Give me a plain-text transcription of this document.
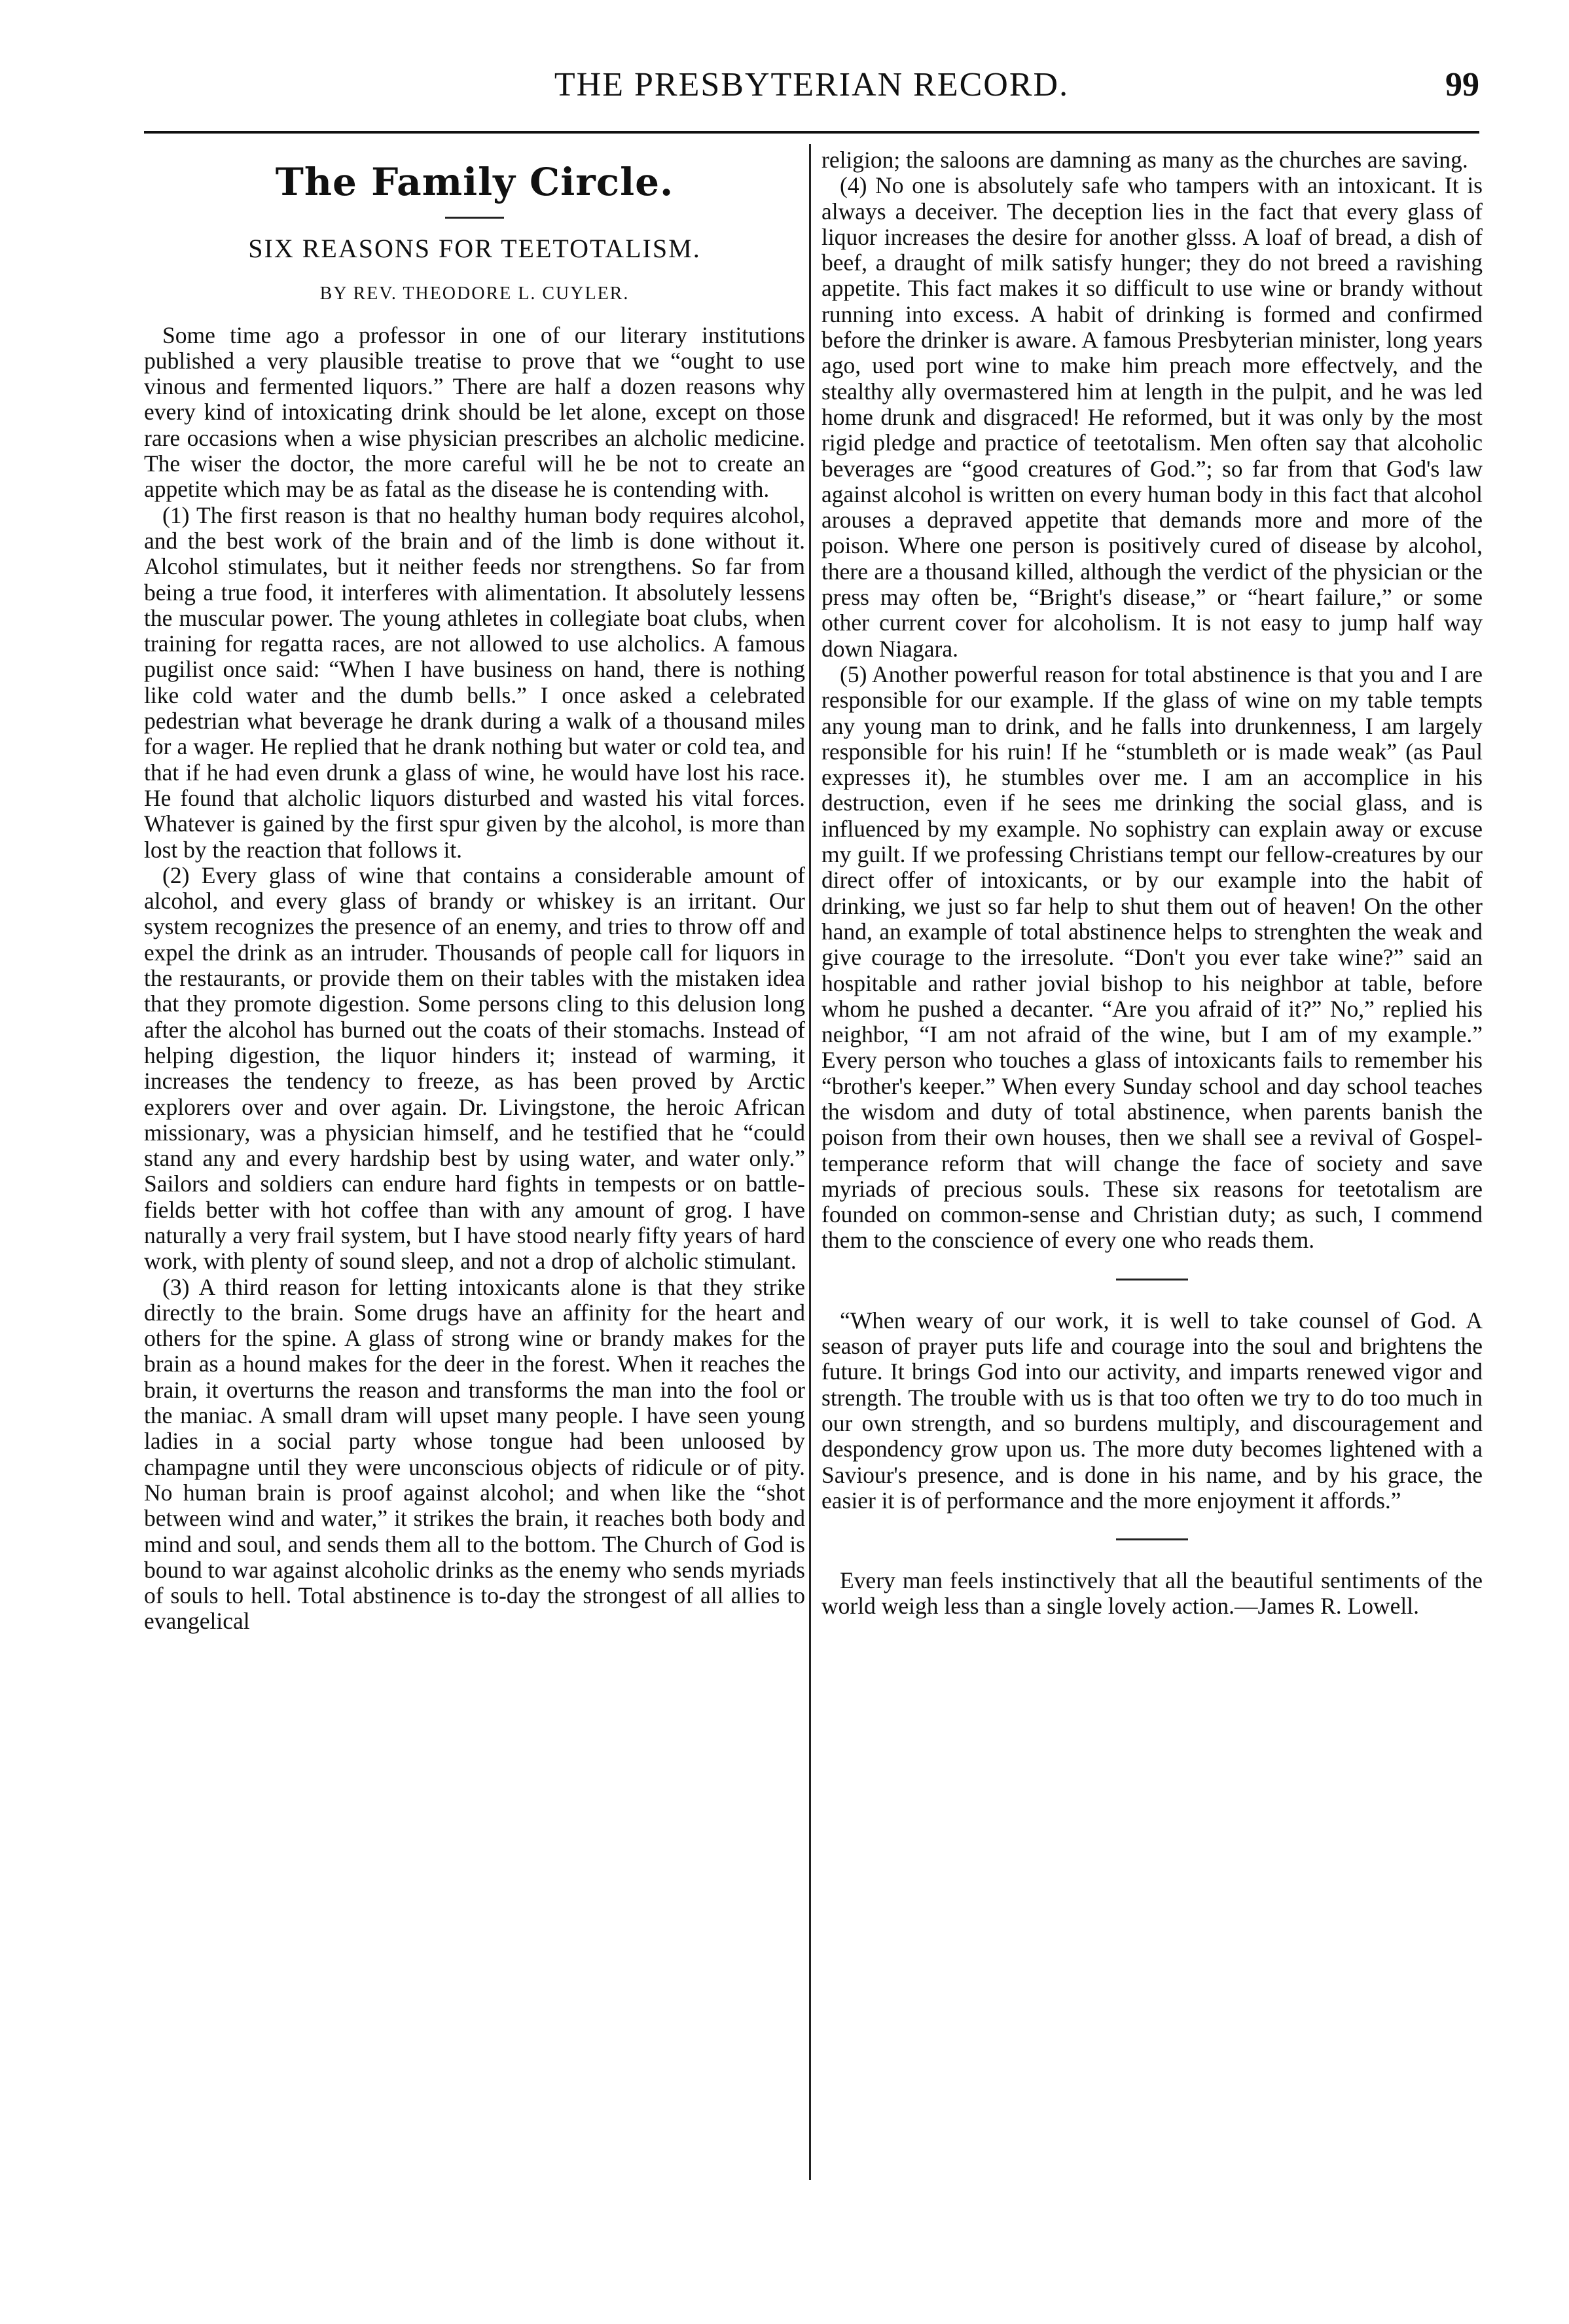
THE PRESBYTERIAN RECORD.	99
The Family Circle.
SIX REASONS FOR TEETOTALISM.
BY REV. THEODORE L. CUYLER.

Some time ago a professor in one of our literary institutions published a very plausible treatise to prove that we “ought to use vinous and fermented liquors.” There are half a dozen reasons why every kind of intoxicating drink should be let alone, except on those rare occasions when a wise physician prescribes an alcholic medicine. The wiser the doctor, the more careful will he be not to create an appetite which may be as fatal as the disease he is contending with.

(1) The first reason is that no healthy human body requires alcohol, and the best work of the brain and of the limb is done without it. Alcohol stimulates, but it neither feeds nor strengthens. So far from being a true food, it interferes with alimentation. It absolutely lessens the muscular power. The young athletes in collegiate boat clubs, when training for regatta races, are not allowed to use alcholics. A famous pugilist once said: “When I have business on hand, there is nothing like cold water and the dumb bells.” I once asked a celebrated pedestrian what beverage he drank during a walk of a thousand miles for a wager. He replied that he drank nothing but water or cold tea, and that if he had even drunk a glass of wine, he would have lost his race. He found that alcholic liquors disturbed and wasted his vital forces. Whatever is gained by the first spur given by the alcohol, is more than lost by the reaction that follows it.

(2) Every glass of wine that contains a considerable amount of alcohol, and every glass of brandy or whiskey is an irritant. Our system recognizes the presence of an enemy, and tries to throw off and expel the drink as an intruder. Thousands of people call for liquors in the restaurants, or provide them on their tables with the mistaken idea that they promote digestion. Some persons cling to this delusion long after the alcohol has burned out the coats of their stomachs. Instead of helping digestion, the liquor hinders it; instead of warming, it increases the tendency to freeze, as has been proved by Arctic explorers over and over again. Dr. Livingstone, the heroic African missionary, was a physician himself, and he testified that he “could stand any and every hardship best by using water, and water only.” Sailors and soldiers can endure hard fights in tempests or on battle-fields better with hot coffee than with any amount of grog. I have naturally a very frail system, but I have stood nearly fifty years of hard work, with plenty of sound sleep, and not a drop of alcholic stimulant.

(3) A third reason for letting intoxicants alone is that they strike directly to the brain. Some drugs have an affinity for the heart and others for the spine. A glass of strong wine or brandy makes for the brain as a hound makes for the deer in the forest. When it reaches the brain, it overturns the reason and transforms the man into the fool or the maniac. A small dram will upset many people. I have seen young ladies in a social party whose tongue had been unloosed by champagne until they were unconscious objects of ridicule or of pity. No human brain is proof against alcohol; and when like the “shot between wind and water,” it strikes the brain, it reaches both body and mind and soul, and sends them all to the bottom. The Church of God is bound to war against alcoholic drinks as the enemy who sends myriads of souls to hell. Total abstinence is to-day the strongest of all allies to evangelical

religion; the saloons are damning as many as the churches are saving.

(4) No one is absolutely safe who tampers with an intoxicant. It is always a deceiver. The deception lies in the fact that every glass of liquor increases the desire for another glsss. A loaf of bread, a dish of beef, a draught of milk satisfy hunger; they do not breed a ravishing appetite. This fact makes it so difficult to use wine or brandy without running into excess. A habit of drinking is formed and confirmed before the drinker is aware. A famous Presbyterian minister, long years ago, used port wine to make him preach more effectvely, and the stealthy ally overmastered him at length in the pulpit, and he was led home drunk and disgraced! He reformed, but it was only by the most rigid pledge and practice of teetotalism. Men often say that alcoholic beverages are “good creatures of God.”; so far from that God's law against alcohol is written on every human body in this fact that alcohol arouses a depraved appetite that demands more and more of the poison. Where one person is positively cured of disease by alcohol, there are a thousand killed, although the verdict of the physician or the press may often be, “Bright's disease,” or “heart failure,” or some other current cover for alcoholism. It is not easy to jump half way down Niagara.

(5) Another powerful reason for total abstinence is that you and I are responsible for our example. If the glass of wine on my table tempts any young man to drink, and he falls into drunkenness, I am largely responsible for his ruin! If he “stumbleth or is made weak” (as Paul expresses it), he stumbles over me. I am an accomplice in his destruction, even if he sees me drinking the social glass, and is influenced by my example. No sophistry can explain away or excuse my guilt. If we professing Christians tempt our fellow-creatures by our direct offer of intoxicants, or by our example into the habit of drinking, we just so far help to shut them out of heaven! On the other hand, an example of total abstinence helps to strenghten the weak and give courage to the irresolute. “Don't you ever take wine?” said an hospitable and rather jovial bishop to his neighbor at table, before whom he pushed a decanter. “Are you afraid of it?” No,” replied his neighbor, “I am not afraid of the wine, but I am of my example.” Every person who touches a glass of intoxicants fails to remember his “brother's keeper.” When every Sunday school and day school teaches the wisdom and duty of total abstinence, when parents banish the poison from their own houses, then we shall see a revival of Gospel-temperance reform that will change the face of society and save myriads of precious souls. These six reasons for teetotalism are founded on common-sense and Christian duty; as such, I commend them to the conscience of every one who reads them.

“When weary of our work, it is well to take counsel of God. A season of prayer puts life and courage into the soul and brightens the future. It brings God into our activity, and imparts renewed vigor and strength. The trouble with us is that too often we try to do too much in our own strength, and so burdens multiply, and discouragement and despondency grow upon us. The more duty becomes lightened with a Saviour's presence, and is done in his name, and by his grace, the easier it is of performance and the more enjoyment it affords.”

Every man feels instinctively that all the beautiful sentiments of the world weigh less than a single lovely action.—James R. Lowell.
